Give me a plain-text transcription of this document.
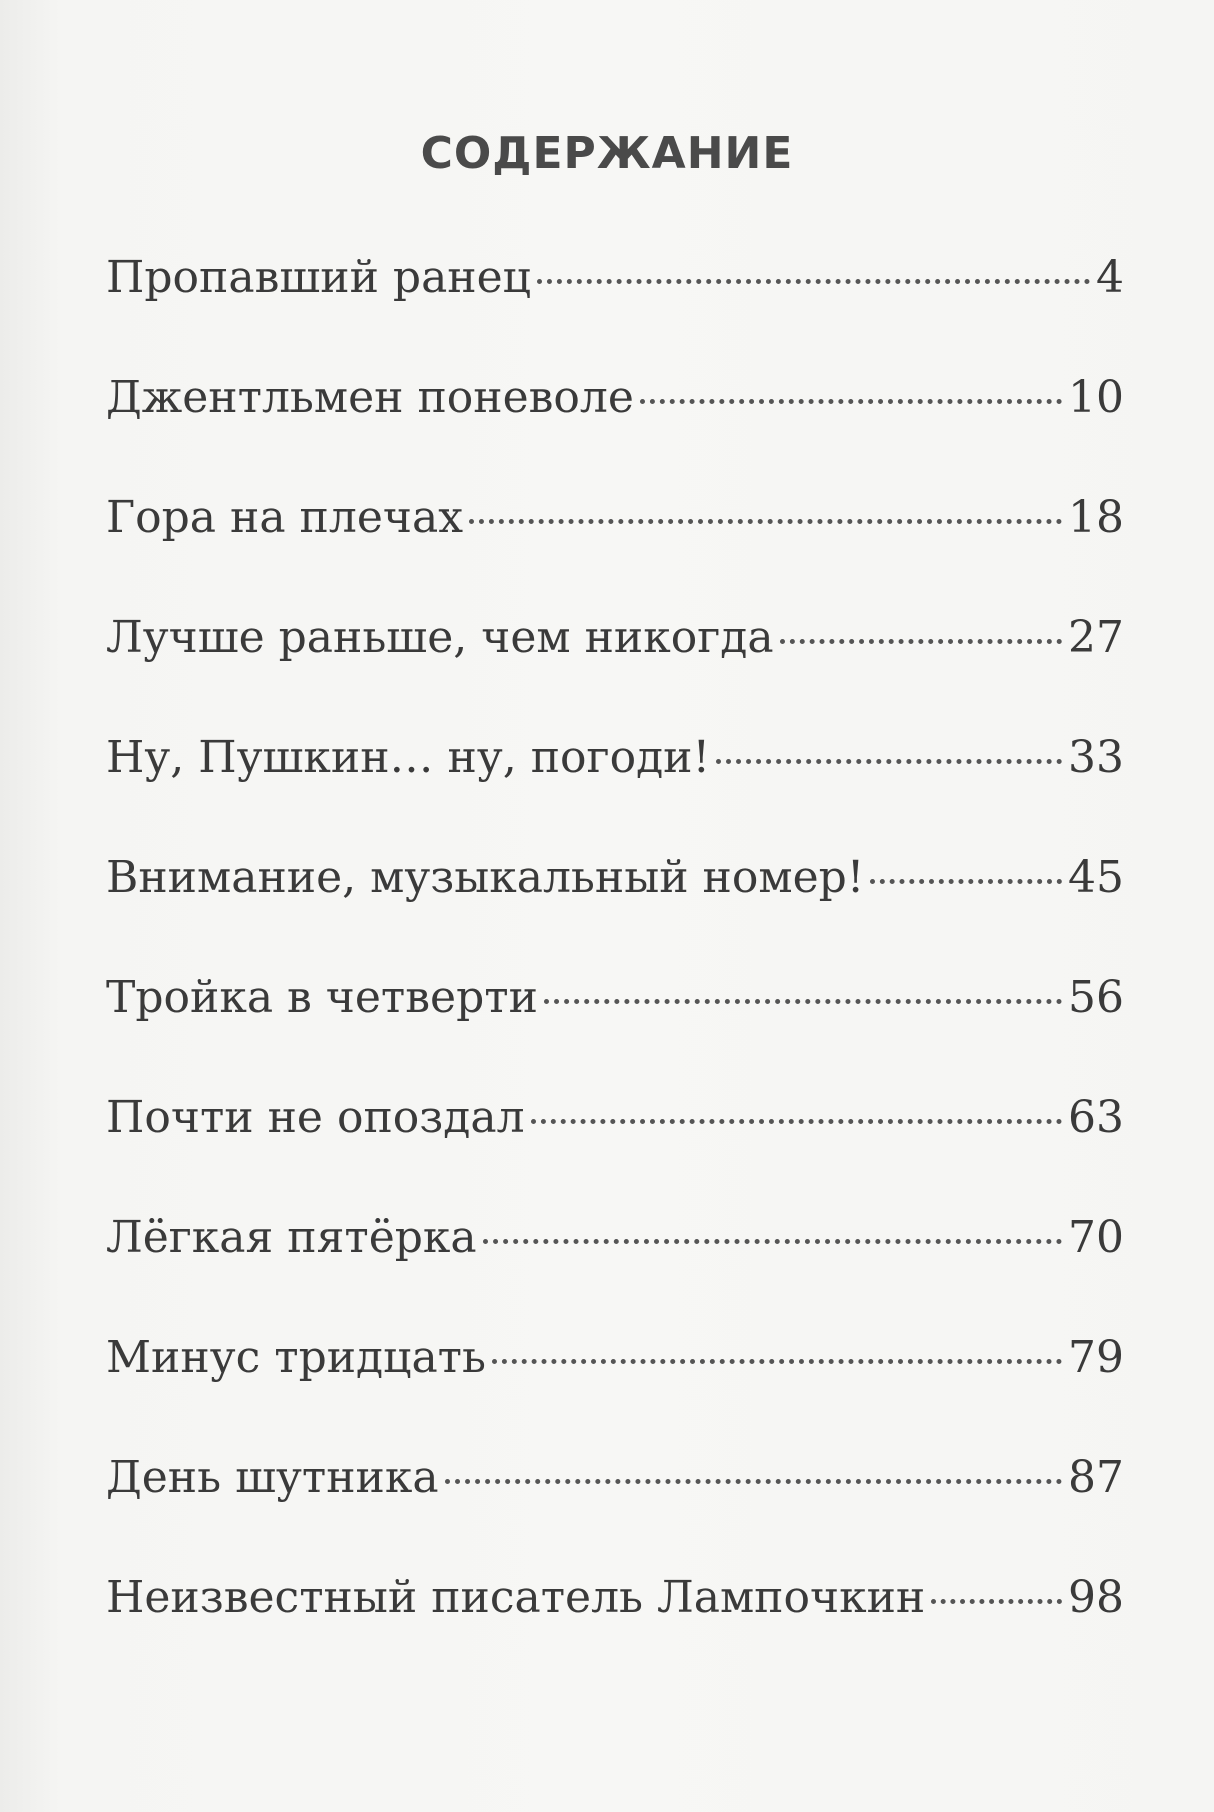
СОДЕРЖАНИЕ
Пропавший ранец	4
Джентльмен поневоле	10
Гора на плечах	18
Лучше раньше, чем никогда	27
Ну, Пушкин… ну, погоди!	33
Внимание, музыкальный номер!	45
Тройка в четверти	56
Почти не опоздал	63
Лёгкая пятёрка	70
Минус тридцать	79
День шутника	87
Неизвестный писатель Лампочкин	98
